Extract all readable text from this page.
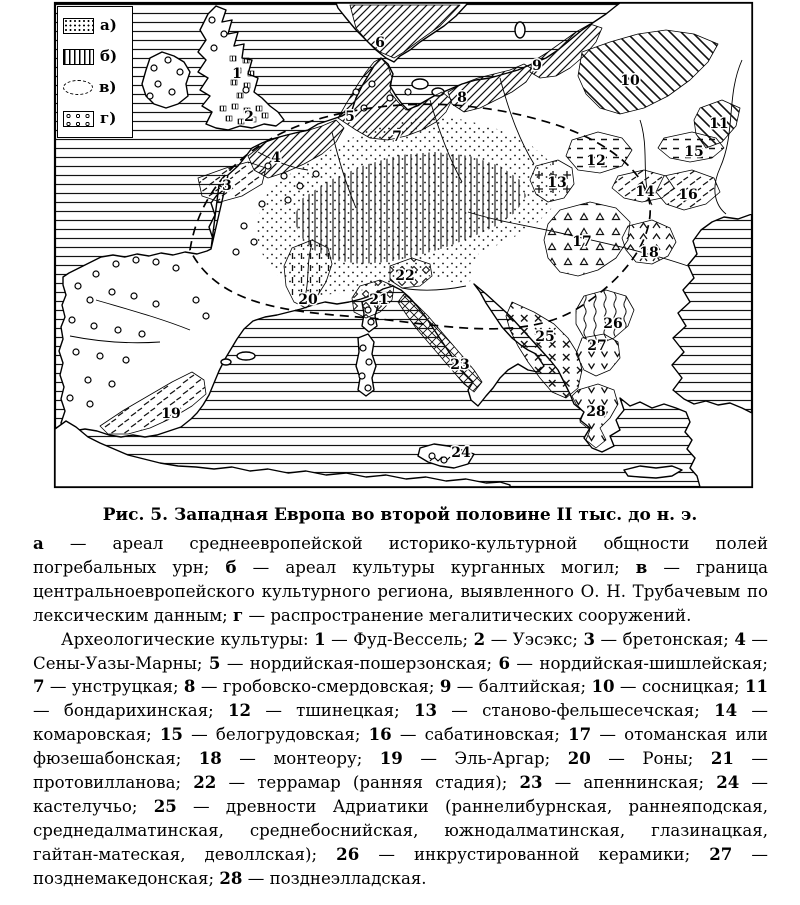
1
2
3
4
5
6
7
8
9
10
11
12
13
14
15
16
17
18
19
20	21
22
23
24
25
26
27
28
а)
б)
в)
г)
Рис. 5. Западная Европа во второй половине II тыс. до н. э.

а — ареал среднеевропейской историко-культурной общности полей погребальных урн; б — ареал культуры курганных могил; в — граница центральноевропейского культурного региона, выявленного О. Н. Трубачевым по лексическим данным; г — распространение мегалитических сооружений.

Археологические культуры: 1 — Фуд-Вессель; 2 — Уэсэкс; 3 — бретонская; 4 — Сены-Уазы-Марны; 5 — нордийская-пошерзонская; 6 — нордийская-шишлейская; 7 — унструцкая; 8 — гробовско-смердовская; 9 — балтийская; 10 — сосницкая; 11 — бондарихинская; 12 — тшинецкая; 13 — станово-фельшесечская; 14 — комаровская; 15 — белогрудовская; 16 — сабатиновская; 17 — отоманская или фюзешабонская; 18 — монтеору; 19 — Эль-Аргар; 20 — Роны; 21 — протовилланова; 22 — террамар (ранняя стадия); 23 — апеннинская; 24 — кастелучьо; 25 — древности Адриатики (раннелибурнская, раннеяподская, среднедалматинская, среднебоснийская, южнодалматинская, глазинацкая, гайтан-матеская, деволлская); 26 — инкрустированной керамики; 27 — позднемакедонская; 28 — позднеэлладская.
